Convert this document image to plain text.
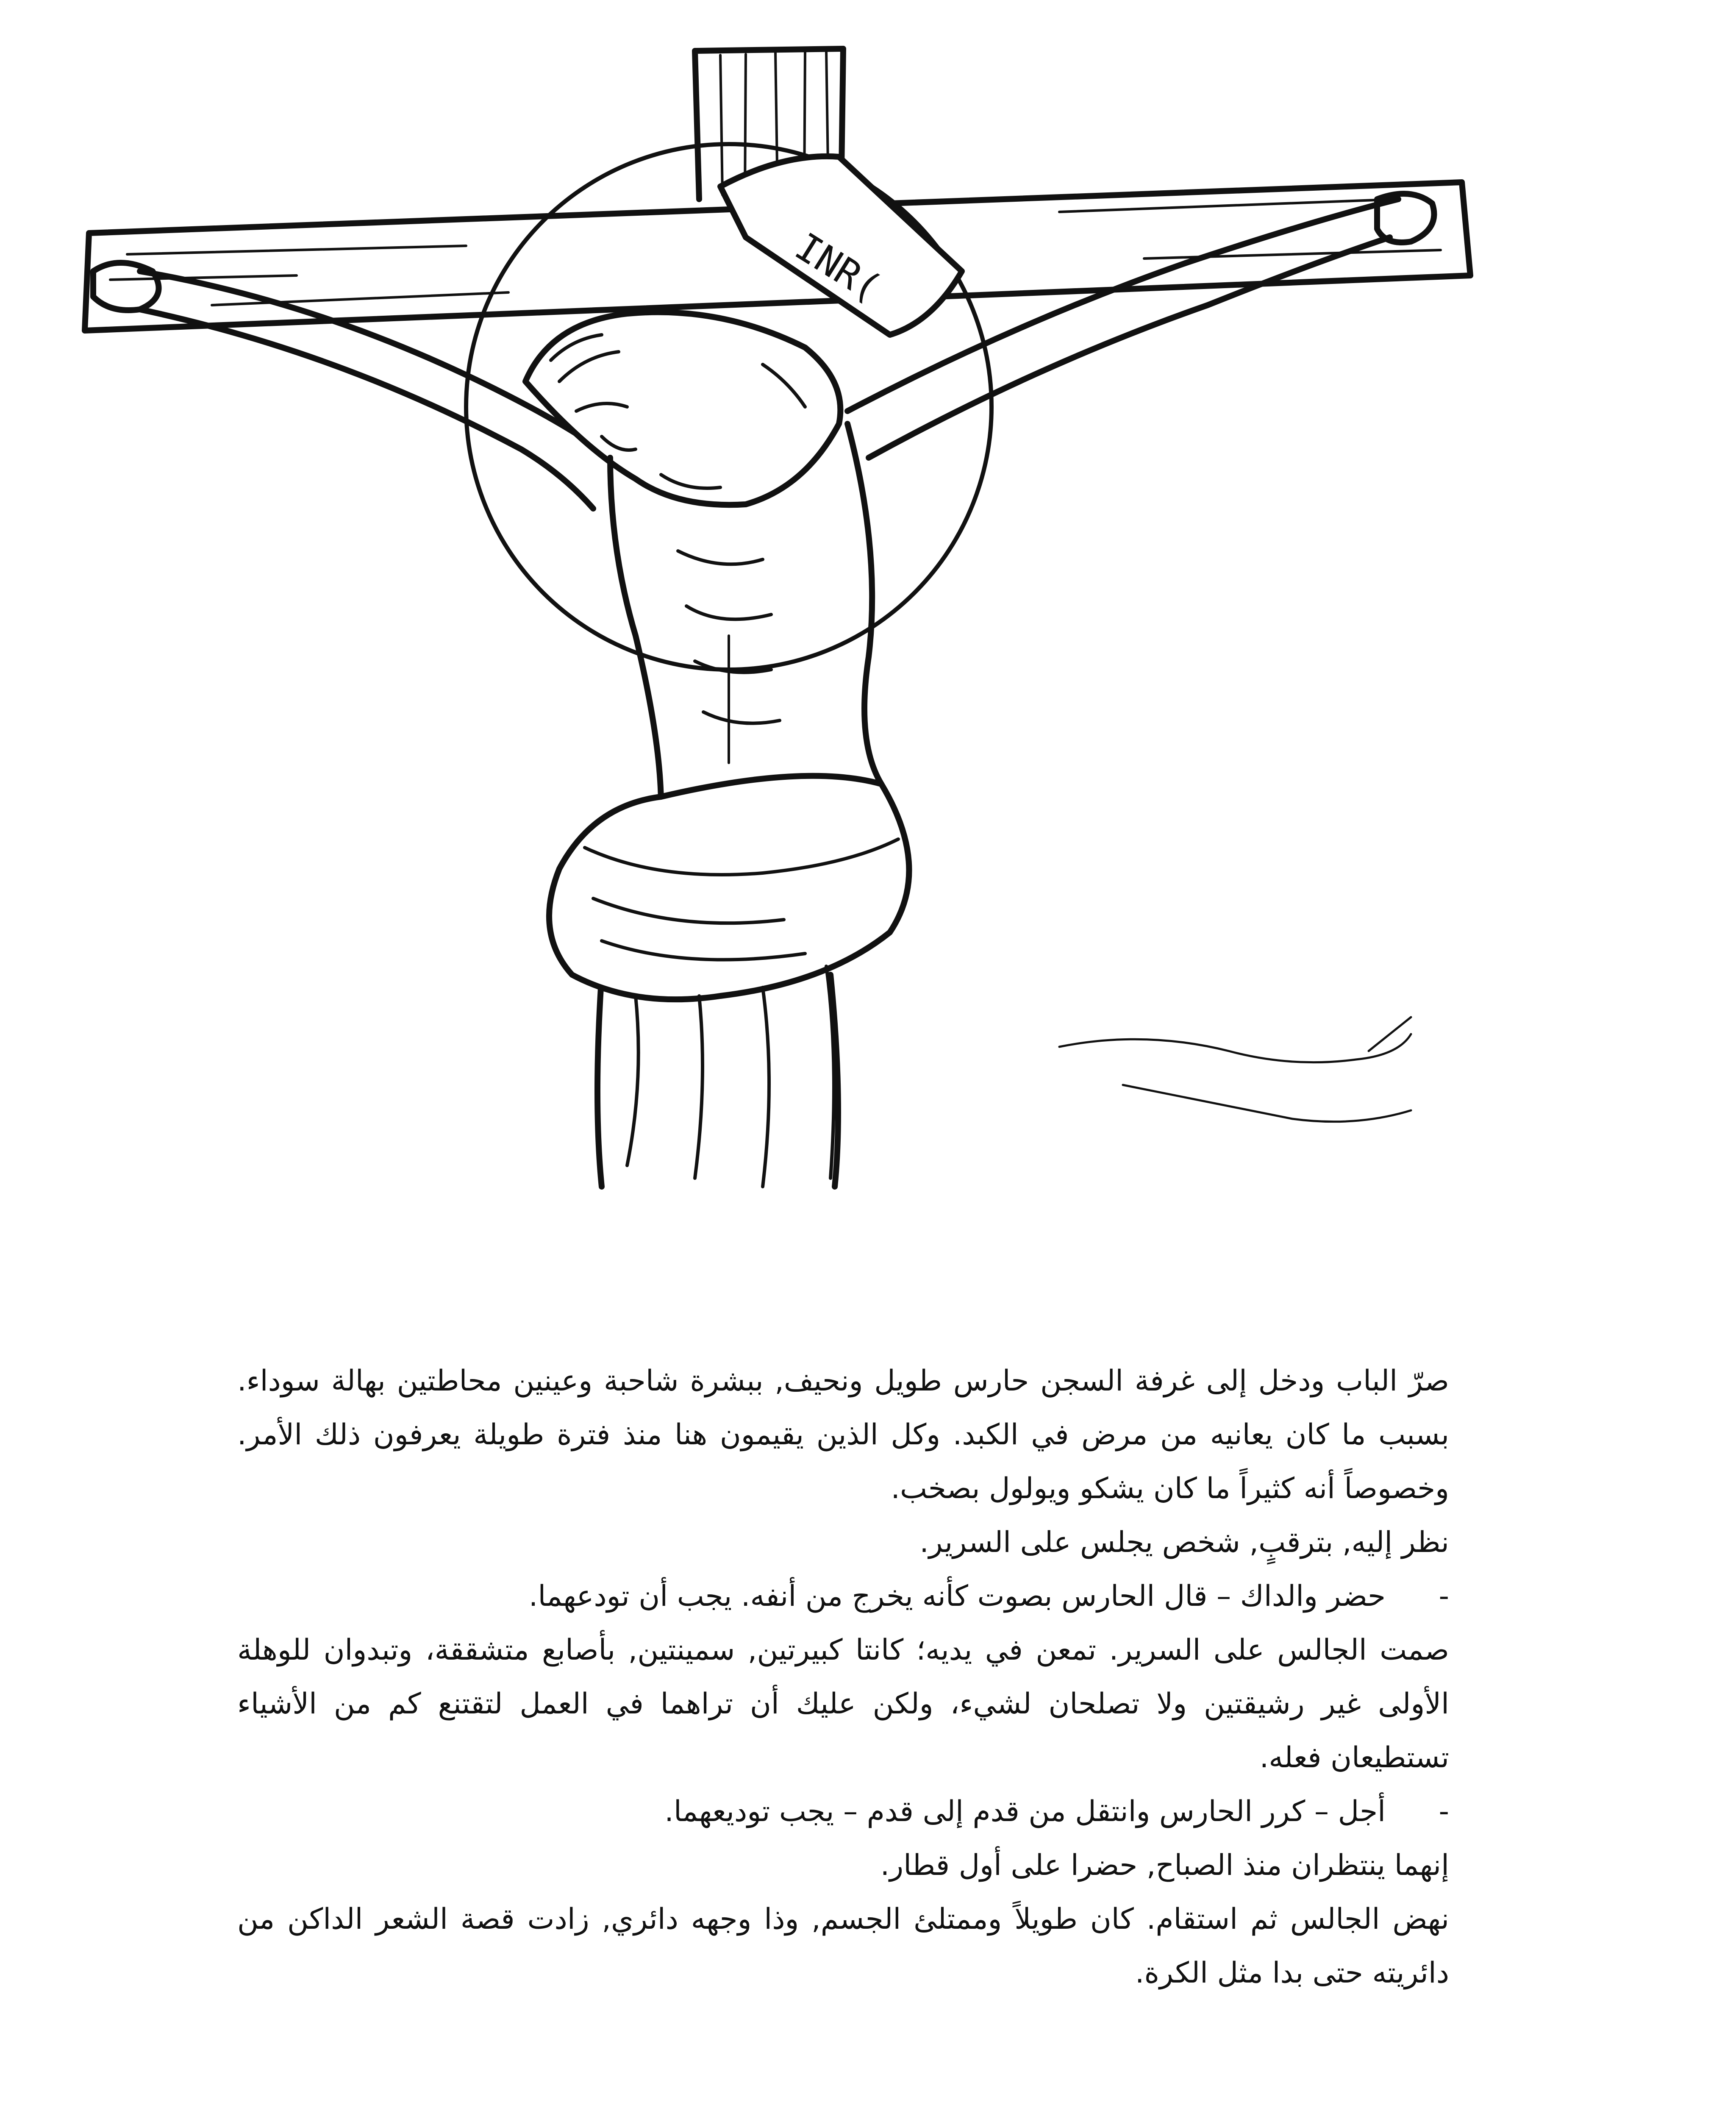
INR(

صرّ الباب ودخل إلى غرفة السجن حارس طويل ونحيف, ببشرة شاحبة وعينين محاطتين بهالة سوداء. بسبب ما كان يعانيه من مرض في الكبد. وكل الذين يقيمون هنا منذ فترة طويلة يعرفون ذلك الأمر. وخصوصاً أنه كثيراً ما كان يشكو ويولول بصخب.

نظر إليه, بترقبٍ, شخص يجلس على السرير.

-
حضر والداك – قال الحارس بصوت كأنه يخرج من أنفه. يجب أن تودعهما.

صمت الجالس على السرير. تمعن في يديه؛ كانتا كبيرتين, سمينتين, بأصابع متشققة، وتبدوان للوهلة الأولى غير رشيقتين ولا تصلحان لشيء، ولكن عليك أن تراهما في العمل لتقتنع كم من الأشياء تستطيعان فعله.

-
أجل – كرر الحارس وانتقل من قدم إلى قدم – يجب توديعهما.

إنهما ينتظران منذ الصباح, حضرا على أول قطار.

نهض الجالس ثم استقام. كان طويلاً وممتلئ الجسم, وذا وجهه دائري, زادت قصة الشعر الداكن من دائريته حتى بدا مثل الكرة.
